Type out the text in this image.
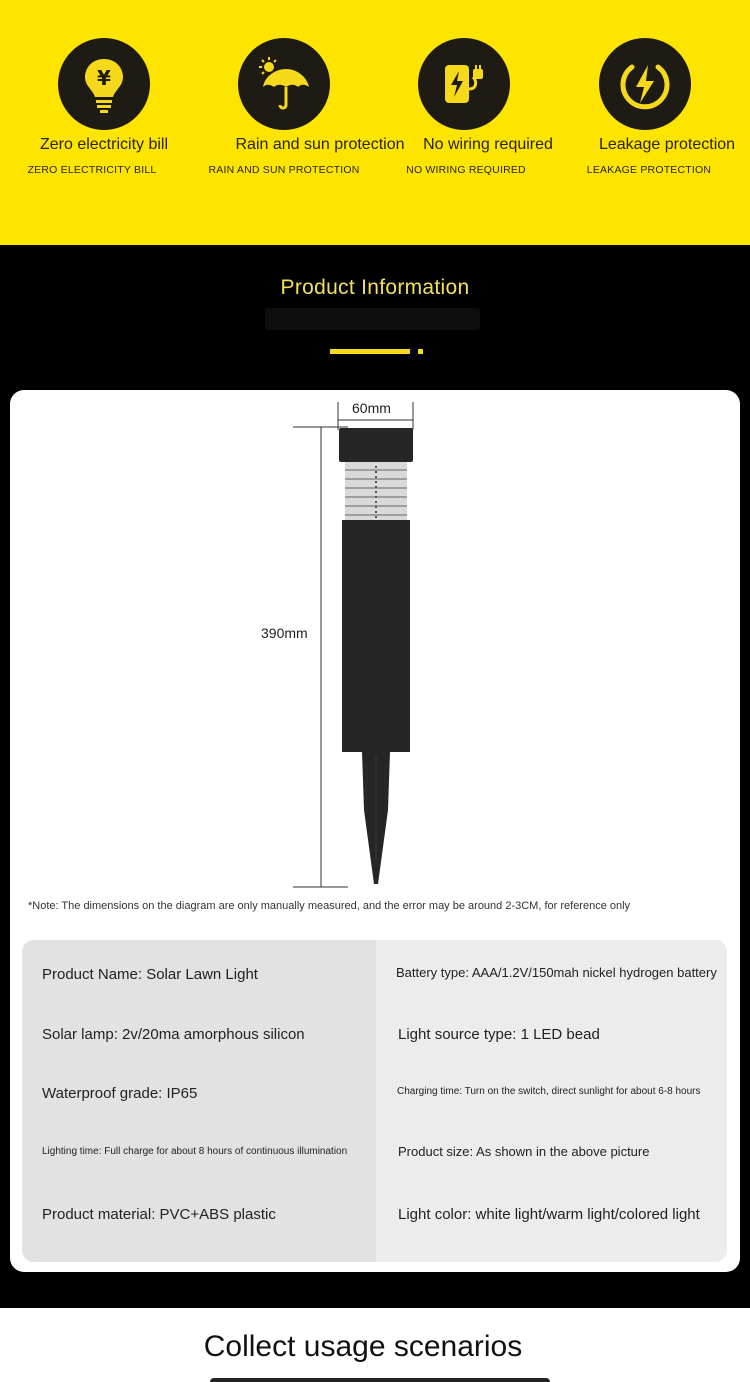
¥
Zero electricity bill
ZERO ELECTRICITY BILL
Rain and sun protection
RAIN AND SUN PROTECTION
No wiring required
NO WIRING REQUIRED
Leakage protection
LEAKAGE PROTECTION
Product Information
60mm
390mm
*Note: The dimensions on the diagram are only manually measured, and the error may be around 2-3CM, for reference only
Product Name: Solar Lawn Light
Solar lamp: 2v/20ma amorphous silicon
Waterproof grade: IP65
Lighting time: Full charge for about 8 hours of continuous illumination
Product material: PVC+ABS plastic
Battery type: AAA/1.2V/150mah nickel hydrogen battery
Light source type: 1 LED bead
Charging time: Turn on the switch, direct sunlight for about 6-8 hours
Product size: As shown in the above picture
Light color: white light/warm light/colored light
Collect usage scenarios
